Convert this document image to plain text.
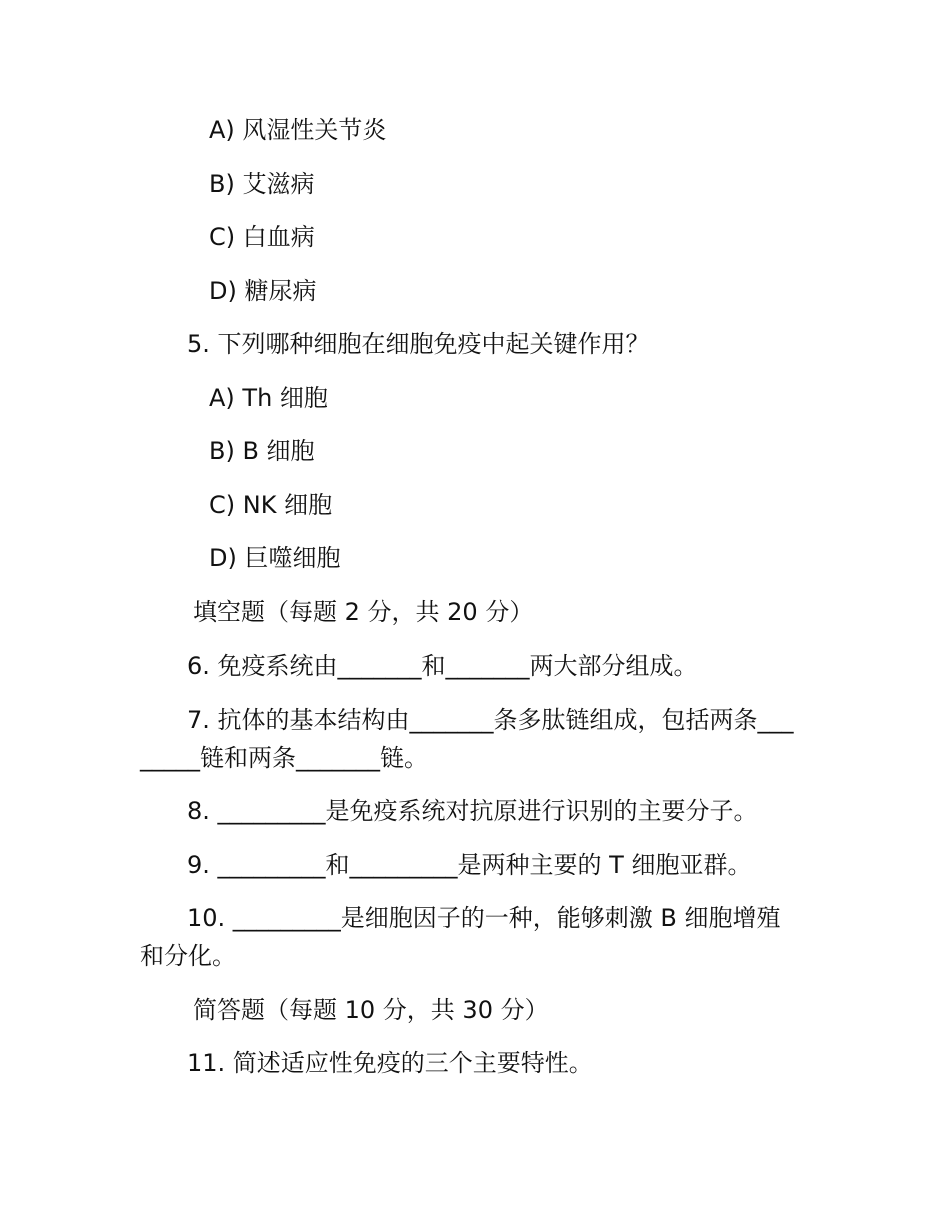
A) 风湿性关节炎
B) 艾滋病
C) 白血病
D) 糖尿病
5. 下列哪种细胞在细胞免疫中起关键作用？
A) Th 细胞
B) B 细胞
C) NK 细胞
D) 巨噬细胞
填空题（每题 2 分，共 20 分）
6. 免疫系统由_______和_______两大部分组成。
7. 抗体的基本结构由_______条多肽链组成，包括两条___
_____链和两条_______链。
8. _________是免疫系统对抗原进行识别的主要分子。
9. _________和_________是两种主要的 T 细胞亚群。
10. _________是细胞因子的一种，能够刺激 B 细胞增殖
和分化。
简答题（每题 10 分，共 30 分）
11. 简述适应性免疫的三个主要特性。
